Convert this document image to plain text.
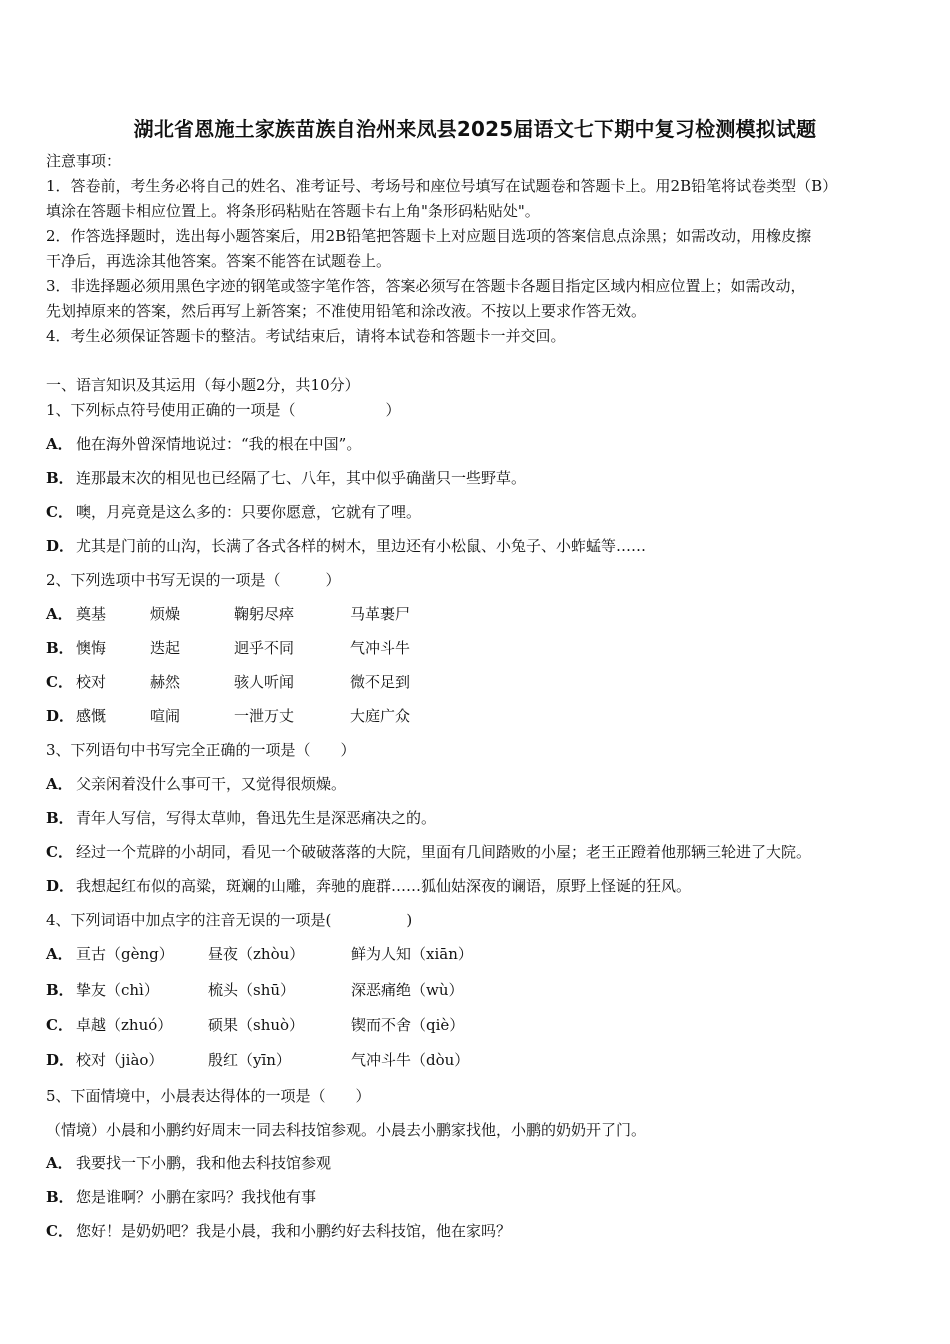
湖北省恩施土家族苗族自治州来凤县2025届语文七下期中复习检测模拟试题
注意事项：
1．答卷前，考生务必将自己的姓名、准考证号、考场号和座位号填写在试题卷和答题卡上。用2B铅笔将试卷类型（B）
填涂在答题卡相应位置上。将条形码粘贴在答题卡右上角"条形码粘贴处"。
2．作答选择题时，选出每小题答案后，用2B铅笔把答题卡上对应题目选项的答案信息点涂黑；如需改动，用橡皮擦
干净后，再选涂其他答案。答案不能答在试题卷上。
3．非选择题必须用黑色字迹的钢笔或签字笔作答，答案必须写在答题卡各题目指定区域内相应位置上；如需改动，
先划掉原来的答案，然后再写上新答案；不准使用铅笔和涂改液。不按以上要求作答无效。
4．考生必须保证答题卡的整洁。考试结束后，请将本试卷和答题卡一并交回。
一、语言知识及其运用（每小题2分，共10分）
1、下列标点符号使用正确的一项是（　　　　　　）
A． 他在海外曾深情地说过：“我的根在中国”。
B． 连那最末次的相见也已经隔了七、八年，其中似乎确凿只一些野草。
C． 噢，月亮竟是这么多的：只要你愿意，它就有了哩。
D． 尤其是门前的山沟，长满了各式各样的树木，里边还有小松鼠、小兔子、小蚱蜢等……
2、下列选项中书写无误的一项是（　　　）
A． 奠基	烦燥	鞠躬尽瘁	马革裹尸
B． 懊悔	迭起	迥乎不同	气冲斗牛
C． 校对	赫然	骇人听闻	微不足到
D． 感慨	喧闹	一泄万丈	大庭广众
3、下列语句中书写完全正确的一项是（　　）
A． 父亲闲着没什么事可干，又觉得很烦燥。
B． 青年人写信，写得太草帅，鲁迅先生是深恶痛决之的。
C． 经过一个荒辟的小胡同，看见一个破破落落的大院，里面有几间踏败的小屋；老王正蹬着他那辆三轮进了大院。
D． 我想起红布似的高粱，斑斓的山雕，奔驰的鹿群……狐仙姑深夜的谰语，原野上怪诞的狂风。
4、下列词语中加点字的注音无误的一项是(　　　　　)
A． 亘古（gèng） 昼夜（zhòu）	鲜为人知（xiān）
B． 挚友（chì）	梳头（shū）	深恶痛绝（wù）
C． 卓越（zhuó） 硕果（shuò）	锲而不舍（qiè）
D． 校对（jiào）	殷红（yīn）	气冲斗牛（dòu）
5、下面情境中，小晨表达得体的一项是（　　）
（情境）小晨和小鹏约好周末一同去科技馆参观。小晨去小鹏家找他，小鹏的奶奶开了门。
A． 我要找一下小鹏，我和他去科技馆参观
B． 您是谁啊？小鹏在家吗？我找他有事
C． 您好！是奶奶吧？我是小晨，我和小鹏约好去科技馆，他在家吗？
